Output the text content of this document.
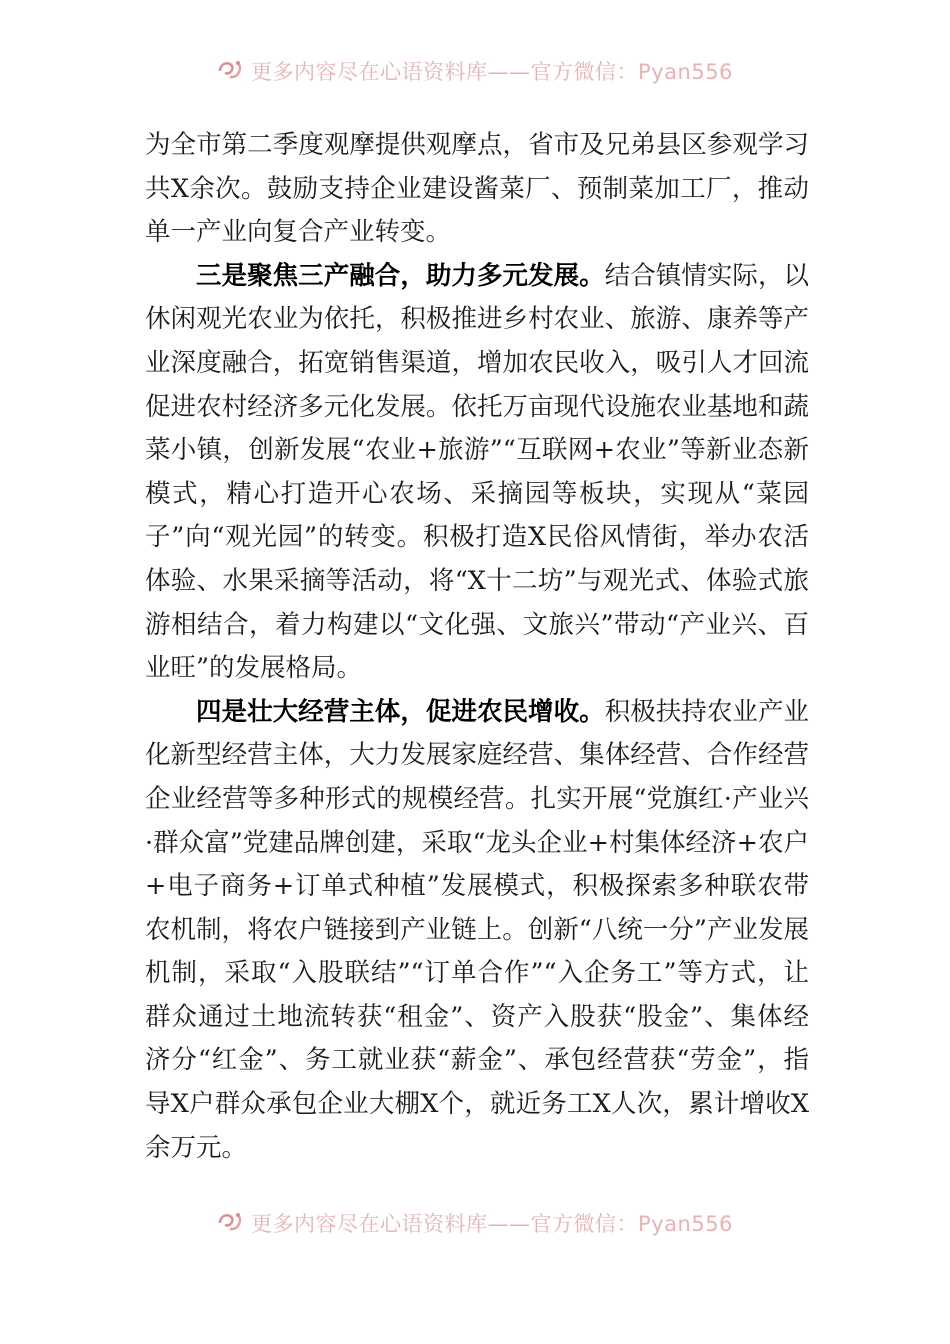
更多内容尽在心语资料库——官方微信：Pyan556

为全市第二季度观摩提供观摩点，省市及兄弟县区参观学习共X余次。鼓励支持企业建设酱菜厂、预制菜加工厂，推动单一产业向复合产业转变。

三是聚焦三产融合，助力多元发展。结合镇情实际，以休闲观光农业为依托，积极推进乡村农业、旅游、康养等产业深度融合，拓宽销售渠道，增加农民收入，吸引人才回流促进农村经济多元化发展。依托万亩现代设施农业基地和蔬菜小镇，创新发展“农业+旅游”“互联网+农业”等新业态新模式，精心打造开心农场、采摘园等板块，实现从“菜园子”向“观光园”的转变。积极打造X民俗风情街，举办农活体验、水果采摘等活动，将“X十二坊”与观光式、体验式旅游相结合，着力构建以“文化强、文旅兴”带动“产业兴、百业旺”的发展格局。

四是壮大经营主体，促进农民增收。积极扶持农业产业化新型经营主体，大力发展家庭经营、集体经营、合作经营企业经营等多种形式的规模经营。扎实开展“党旗红·产业兴·群众富”党建品牌创建，采取“龙头企业+村集体经济+农户+电子商务+订单式种植”发展模式，积极探索多种联农带农机制，将农户链接到产业链上。创新“八统一分”产业发展机制，采取“入股联结”“订单合作”“入企务工”等方式，让群众通过土地流转获“租金”、资产入股获“股金”、集体经济分“红金”、务工就业获“薪金”、承包经营获“劳金”，指导X户群众承包企业大棚X个，就近务工X人次，累计增收X余万元。

更多内容尽在心语资料库——官方微信：Pyan556
